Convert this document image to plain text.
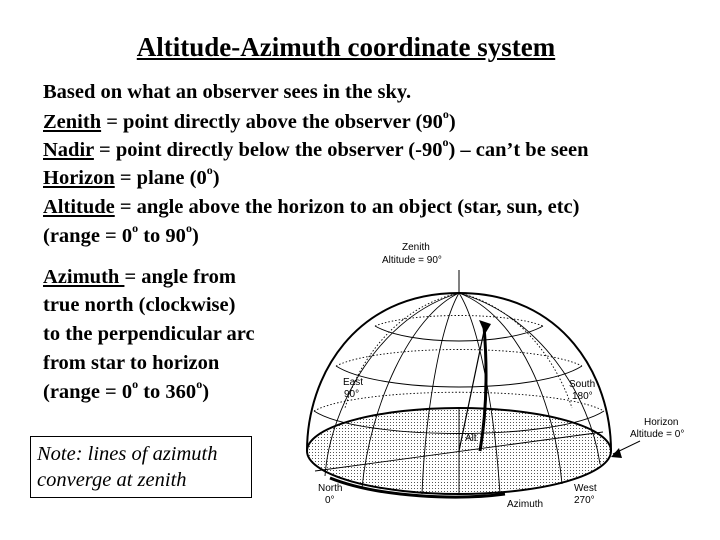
Altitude-Azimuth coordinate system
Based on what an observer sees in the sky.
Zenith = point directly above the observer (90$^o$)
Nadir = point directly below the observer (-90$^o$) – can’t be seen
Horizon = plane (0$^o$)
Altitude = angle above the horizon to an object (star, sun, etc)
(range = $0^o$ to 90$^o$)
Azimuth = angle from
true north (clockwise)
to the perpendicular arc
from star to horizon
(range = $0^o$ to 360$^o$)
Note: lines of azimuth
converge at zenith
Zenith
Altitude = 90°
East
90°
South
180°
Horizon
Altitude = 0°
Alt
North
0°
West
270°
Azimuth
